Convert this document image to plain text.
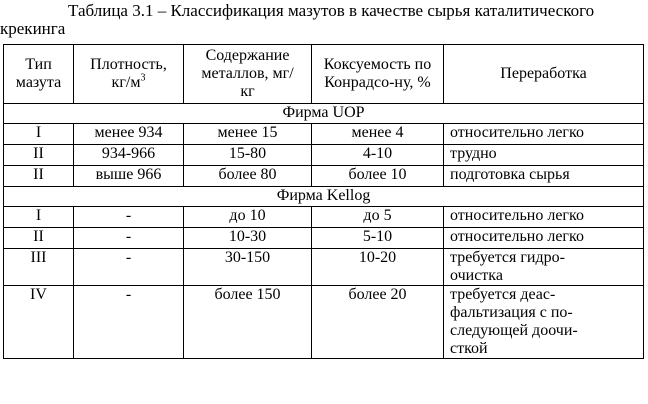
Таблица 3.1 – Классификация мазутов в качестве сырья каталитического
крекинга
Тип мазута	Плотность, $кг/м^3$	Содержание металлов, мг/кг	Коксуемость по Конрадсо-ну, %	Переработка
Фирма UOP				
I	менее 934	менее 15	менее 4	относительно легко
II	934-966	15-80	4-10	трудно
II	выше 966	более 80	более 10	подготовка сырья
Фирма Kellog				
I	-	до 10	до 5	относительно легко
II	-	10-30	5-10	относительно легко
III	-	30-150	10-20	требуется гидро-
очистка
IV	-	более 150	более 20	требуется деас-
фальтизация с по-
следующей доочи-
сткой
